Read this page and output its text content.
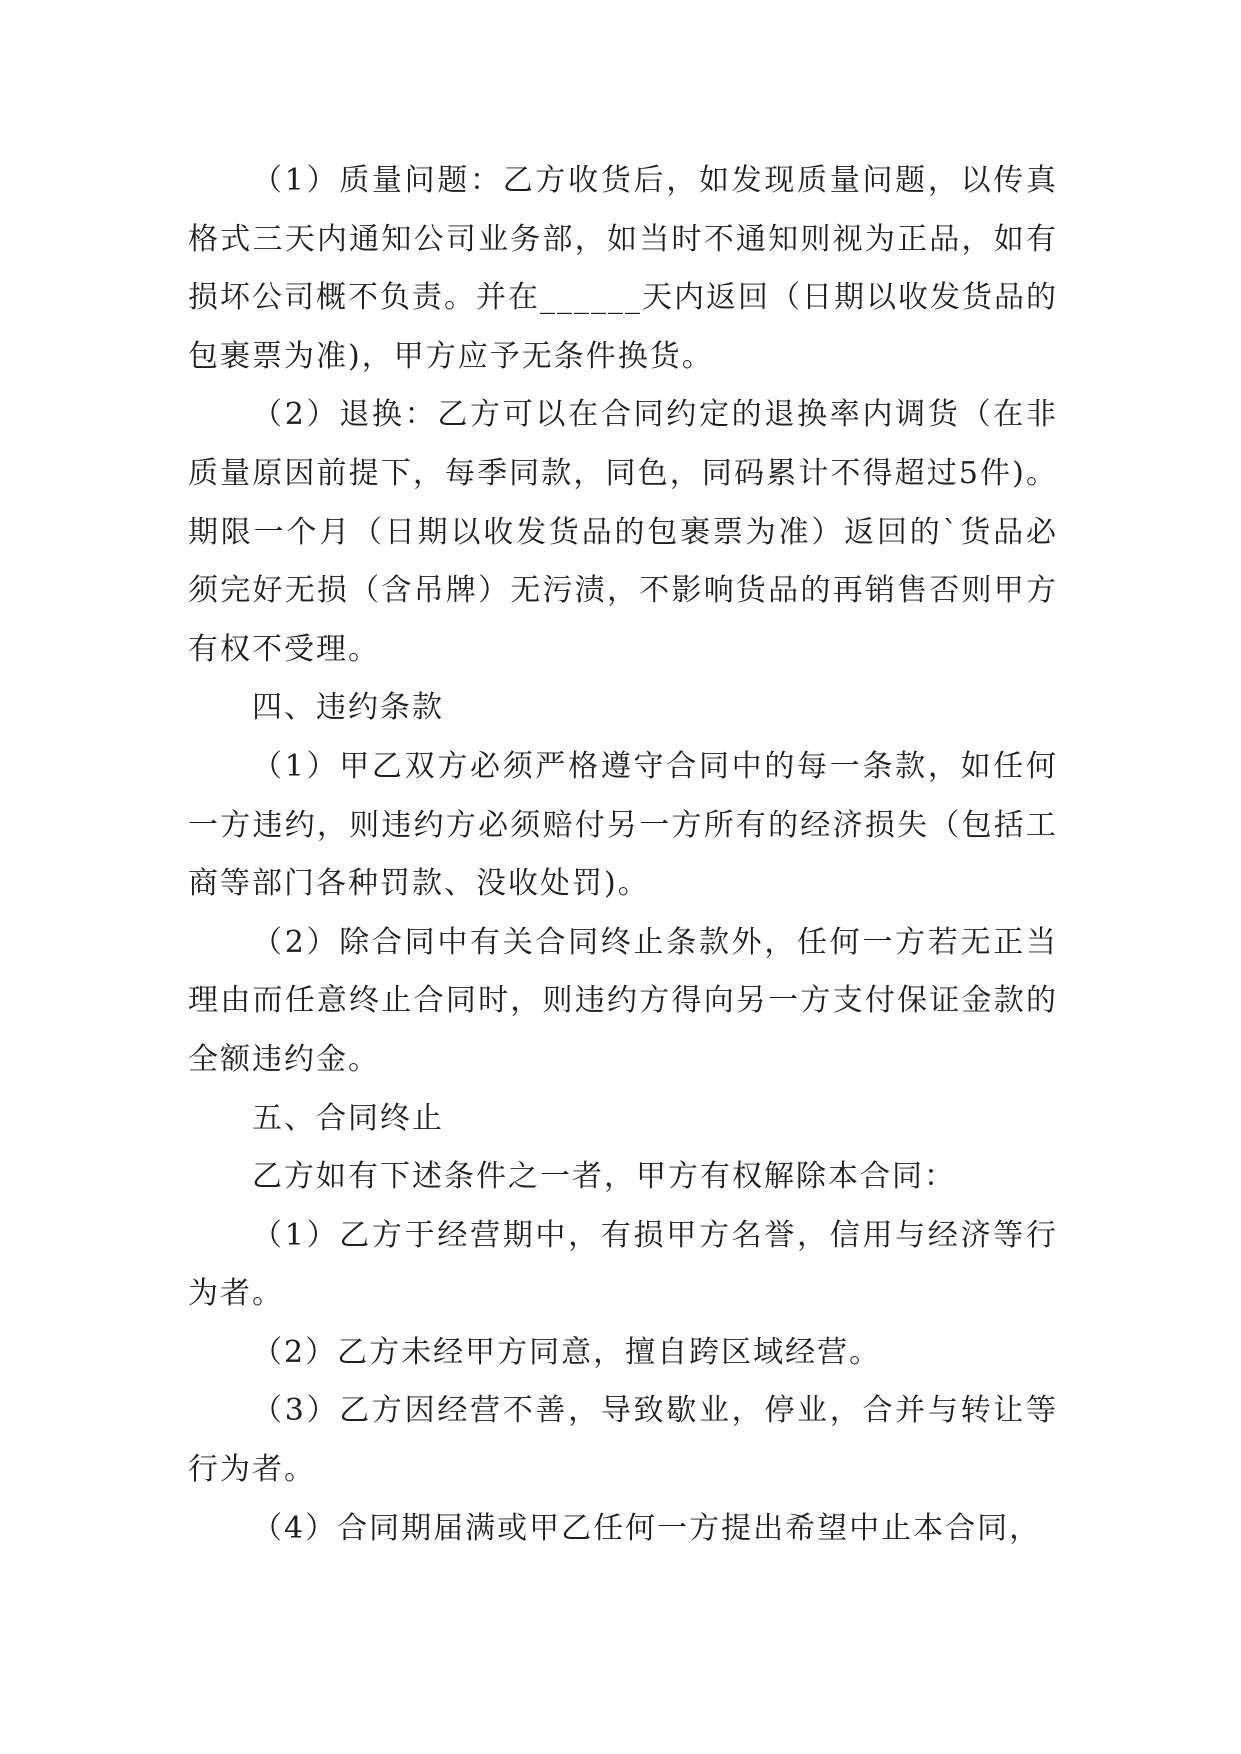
（1）质量问题：乙方收货后，如发现质量问题，以传真格式三天内通知公司业务部，如当时不通知则视为正品，如有损坏公司概不负责。并在______天内返回（日期以收发货品的包裹票为准)，甲方应予无条件换货。

（2）退换：乙方可以在合同约定的退换率内调货（在非质量原因前提下，每季同款，同色，同码累计不得超过5件)。期限一个月（日期以收发货品的包裹票为准）返回的`货品必须完好无损（含吊牌）无污渍，不影响货品的再销售否则甲方有权不受理。

四、违约条款

（1）甲乙双方必须严格遵守合同中的每一条款，如任何一方违约，则违约方必须赔付另一方所有的经济损失（包括工商等部门各种罚款、没收处罚)。

（2）除合同中有关合同终止条款外，任何一方若无正当理由而任意终止合同时，则违约方得向另一方支付保证金款的全额违约金。

五、合同终止

乙方如有下述条件之一者，甲方有权解除本合同：

（1）乙方于经营期中，有损甲方名誉，信用与经济等行为者。

（2）乙方未经甲方同意，擅自跨区域经营。

（3）乙方因经营不善，导致歇业，停业，合并与转让等行为者。

（4）合同期届满或甲乙任何一方提出希望中止本合同，
